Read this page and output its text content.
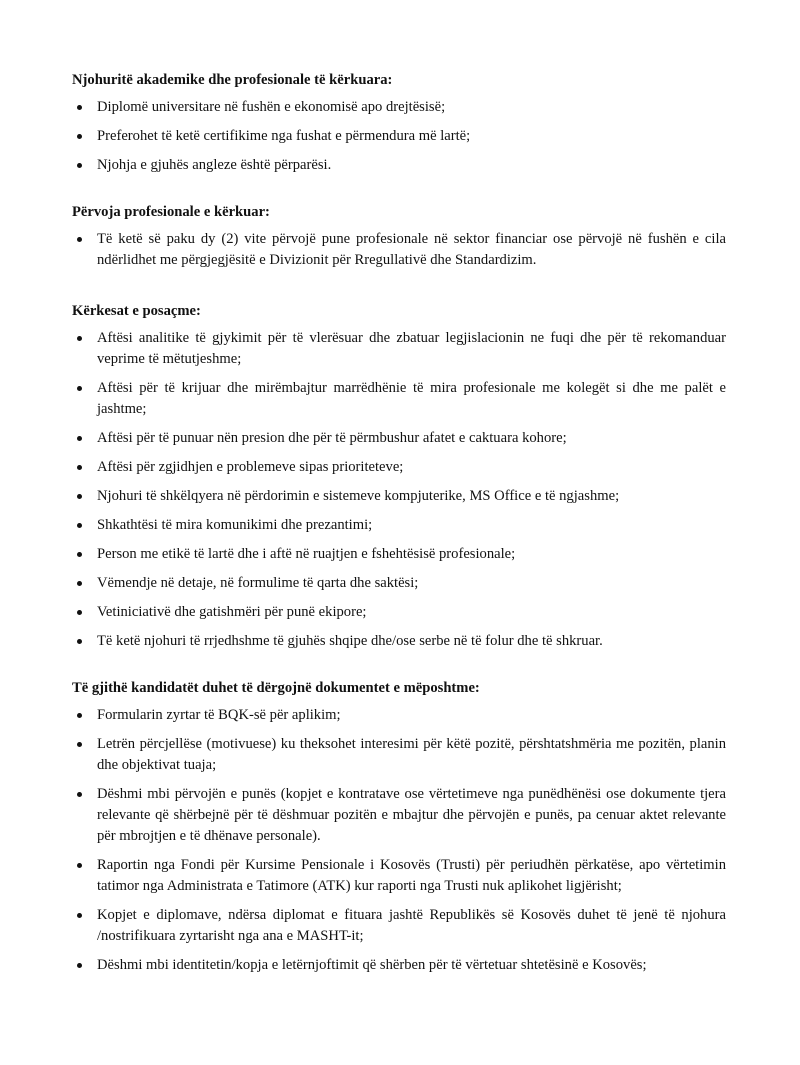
Njohuritë akademike dhe profesionale të kërkuara:
Diplomë universitare në fushën e ekonomisë apo drejtësisë;
Preferohet të ketë certifikime nga fushat e përmendura më lartë;
Njohja e gjuhës angleze është përparësi.
Përvoja profesionale e kërkuar:
Të ketë së paku dy (2) vite përvojë pune profesionale në sektor financiar ose përvojë në fushën e cila ndërlidhet me përgjegjësitë e Divizionit për Rregullativë dhe Standardizim.
Kërkesat e posaçme:
Aftësi analitike të gjykimit për të vlerësuar dhe zbatuar legjislacionin ne fuqi dhe për të rekomanduar veprime të mëtutjeshme;
Aftësi për të krijuar dhe mirëmbajtur marrëdhënie të mira profesionale me kolegët si dhe me palët e jashtme;
Aftësi për të punuar nën presion dhe për të përmbushur afatet e caktuara kohore;
Aftësi për zgjidhjen e problemeve sipas prioriteteve;
Njohuri të shkëlqyera në përdorimin e sistemeve kompjuterike, MS Office e të ngjashme;
Shkathtësi të mira komunikimi dhe prezantimi;
Person me etikë të lartë dhe i aftë në ruajtjen e fshehtësisë profesionale;
Vëmendje në detaje, në formulime të qarta dhe saktësi;
Vetiniciativë dhe gatishmëri për punë ekipore;
Të ketë njohuri të rrjedhshme të gjuhës shqipe dhe/ose serbe në të folur dhe të shkruar.
Të gjithë kandidatët duhet të dërgojnë dokumentet e mëposhtme:
Formularin zyrtar të BQK-së për aplikim;
Letrën përcjellëse (motivuese) ku theksohet interesimi për këtë pozitë, përshtatshmëria me pozitën, planin dhe objektivat tuaja;
Dëshmi mbi përvojën e punës (kopjet e kontratave ose vërtetimeve nga punëdhënësi ose dokumente tjera relevante që shërbejnë për të dëshmuar pozitën e mbajtur dhe përvojën e punës, pa cenuar aktet relevante për mbrojtjen e të dhënave personale).
Raportin nga Fondi për Kursime Pensionale i Kosovës (Trusti) për periudhën përkatëse, apo vërtetimin tatimor nga Administrata e Tatimore (ATK) kur raporti nga Trusti nuk aplikohet ligjërisht;
Kopjet e diplomave, ndërsa diplomat e fituara jashtë Republikës së Kosovës duhet të jenë të njohura /nostrifikuara zyrtarisht nga ana e MASHT-it;
Dëshmi mbi identitetin/kopja e letërnjoftimit që shërben për të vërtetuar shtetësinë e Kosovës;
